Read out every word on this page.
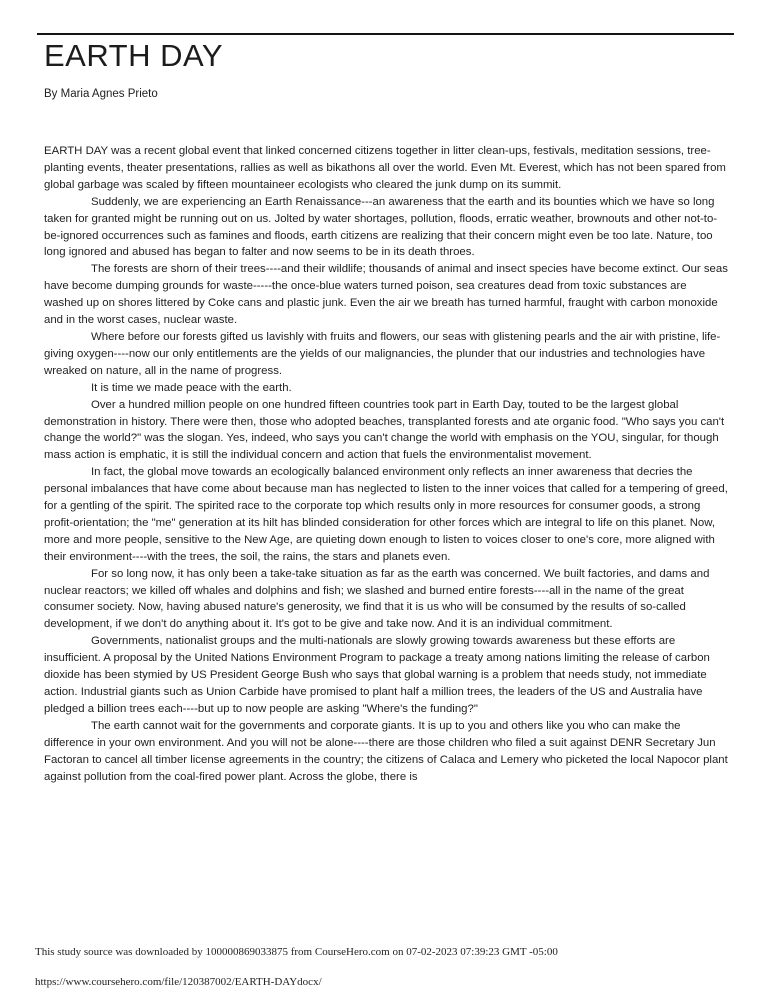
EARTH DAY
By Maria Agnes Prieto

EARTH DAY was a recent global event that linked concerned citizens together in litter clean-ups, festivals, meditation sessions, tree-planting events, theater presentations, rallies as well as bikathons all over the world. Even Mt. Everest, which has not been spared from global garbage was scaled by fifteen mountaineer ecologists who cleared the junk dump on its summit.

Suddenly, we are experiencing an Earth Renaissance---an awareness that the earth and its bounties which we have so long taken for granted might be running out on us. Jolted by water shortages, pollution, floods, erratic weather, brownouts and other not-to-be-ignored occurrences such as famines and floods, earth citizens are realizing that their concern might even be too late. Nature, too long ignored and abused has began to falter and now seems to be in its death throes.

The forests are shorn of their trees----and their wildlife; thousands of animal and insect species have become extinct. Our seas have become dumping grounds for waste-----the once-blue waters turned poison, sea creatures dead from toxic substances are washed up on shores littered by Coke cans and plastic junk. Even the air we breath has turned harmful, fraught with carbon monoxide and in the worst cases, nuclear waste.

Where before our forests gifted us lavishly with fruits and flowers, our seas with glistening pearls and the air with pristine, life-giving oxygen----now our only entitlements are the yields of our malignancies, the plunder that our industries and technologies have wreaked on nature, all in the name of progress.

It is time we made peace with the earth.

Over a hundred million people on one hundred fifteen countries took part in Earth Day, touted to be the largest global demonstration in history. There were then, those who adopted beaches, transplanted forests and ate organic food. "Who says you can't change the world?" was the slogan. Yes, indeed, who says you can't change the world with emphasis on the YOU, singular, for though mass action is emphatic, it is still the individual concern and action that fuels the environmentalist movement.

In fact, the global move towards an ecologically balanced environment only reflects an inner awareness that decries the personal imbalances that have come about because man has neglected to listen to the inner voices that called for a tempering of greed, for a gentling of the spirit. The spirited race to the corporate top which results only in more resources for consumer goods, a strong profit-orientation; the "me" generation at its hilt has blinded consideration for other forces which are integral to life on this planet. Now, more and more people, sensitive to the New Age, are quieting down enough to listen to voices closer to one's core, more aligned with their environment----with the trees, the soil, the rains, the stars and planets even.

For so long now, it has only been a take-take situation as far as the earth was concerned. We built factories, and dams and nuclear reactors; we killed off whales and dolphins and fish; we slashed and burned entire forests----all in the name of the great consumer society. Now, having abused nature's generosity, we find that it is us who will be consumed by the results of so-called development, if we don't do anything about it. It's got to be give and take now. And it is an individual commitment.

Governments, nationalist groups and the multi-nationals are slowly growing towards awareness but these efforts are insufficient. A proposal by the United Nations Environment Program to package a treaty among nations limiting the release of carbon dioxide has been stymied by US President George Bush who says that global warning is a problem that needs study, not immediate action. Industrial giants such as Union Carbide have promised to plant half a million trees, the leaders of the US and Australia have pledged a billion trees each----but up to now people are asking "Where's the funding?"

The earth cannot wait for the governments and corporate giants. It is up to you and others like you who can make the difference in your own environment. And you will not be alone----there are those children who filed a suit against DENR Secretary Jun Factoran to cancel all timber license agreements in the country; the citizens of Calaca and Lemery who picketed the local Napocor plant against pollution from the coal-fired power plant. Across the globe, there is

This study source was downloaded by 100000869033875 from CourseHero.com on 07-02-2023 07:39:23 GMT -05:00
https://www.coursehero.com/file/120387002/EARTH-DAYdocx/
